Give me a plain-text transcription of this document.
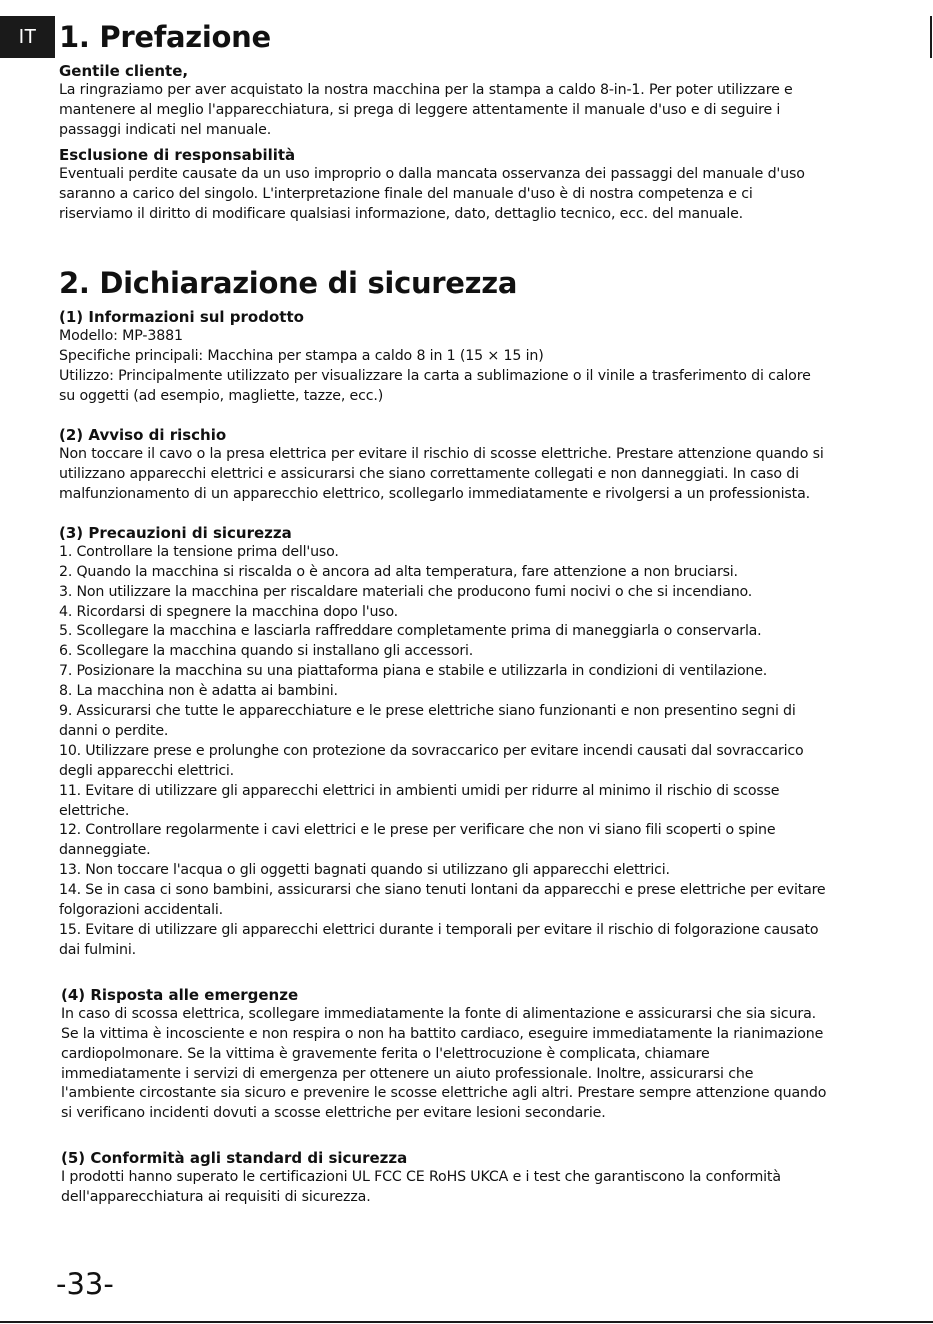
IT 1. Prefazione
Gentile cliente,

La ringraziamo per aver acquistato la nostra macchina per la stampa a caldo 8-in-1. Per poter utilizzare e mantenere al meglio l'apparecchiatura, si prega di leggere attentamente il manuale d'uso e di seguire i passaggi indicati nel manuale.

Esclusione di responsabilità

Eventuali perdite causate da un uso improprio o dalla mancata osservanza dei passaggi del manuale d'uso saranno a carico del singolo. L'interpretazione finale del manuale d'uso è di nostra competenza e ci riserviamo il diritto di modificare qualsiasi informazione, dato, dettaglio tecnico, ecc. del manuale.

2. Dichiarazione di sicurezza
(1) Informazioni sul prodotto

Modello: MP-3881

Specifiche principali: Macchina per stampa a caldo 8 in 1 (15 × 15 in)

Utilizzo: Principalmente utilizzato per visualizzare la carta a sublimazione o il vinile a trasferimento di calore su oggetti (ad esempio, magliette, tazze, ecc.)

(2) Avviso di rischio

Non toccare il cavo o la presa elettrica per evitare il rischio di scosse elettriche. Prestare attenzione quando si utilizzano apparecchi elettrici e assicurarsi che siano correttamente collegati e non danneggiati. In caso di malfunzionamento di un apparecchio elettrico, scollegarlo immediatamente e rivolgersi a un professionista.

(3) Precauzioni di sicurezza
1. Controllare la tensione prima dell'uso.
2. Quando la macchina si riscalda o è ancora ad alta temperatura, fare attenzione a non bruciarsi.
3. Non utilizzare la macchina per riscaldare materiali che producono fumi nocivi o che si incendiano.
4. Ricordarsi di spegnere la macchina dopo l'uso.
5. Scollegare la macchina e lasciarla raffreddare completamente prima di maneggiarla o conservarla.
6. Scollegare la macchina quando si installano gli accessori.
7. Posizionare la macchina su una piattaforma piana e stabile e utilizzarla in condizioni di ventilazione.
8. La macchina non è adatta ai bambini.
9. Assicurarsi che tutte le apparecchiature e le prese elettriche siano funzionanti e non presentino segni di danni o perdite.
10. Utilizzare prese e prolunghe con protezione da sovraccarico per evitare incendi causati dal sovraccarico degli apparecchi elettrici.
11. Evitare di utilizzare gli apparecchi elettrici in ambienti umidi per ridurre al minimo il rischio di scosse elettriche.
12. Controllare regolarmente i cavi elettrici e le prese per verificare che non vi siano fili scoperti o spine danneggiate.
13. Non toccare l'acqua o gli oggetti bagnati quando si utilizzano gli apparecchi elettrici.
14. Se in casa ci sono bambini, assicurarsi che siano tenuti lontani da apparecchi e prese elettriche per evitare folgorazioni accidentali.
15. Evitare di utilizzare gli apparecchi elettrici durante i temporali per evitare il rischio di folgorazione causato dai fulmini.
(4) Risposta alle emergenze

In caso di scossa elettrica, scollegare immediatamente la fonte di alimentazione e assicurarsi che sia sicura. Se la vittima è incosciente e non respira o non ha battito cardiaco, eseguire immediatamente la rianimazione cardiopolmonare. Se la vittima è gravemente ferita o l'elettrocuzione è complicata, chiamare immediatamente i servizi di emergenza per ottenere un aiuto professionale. Inoltre, assicurarsi che l'ambiente circostante sia sicuro e prevenire le scosse elettriche agli altri. Prestare sempre attenzione quando si verificano incidenti dovuti a scosse elettriche per evitare lesioni secondarie.

(5) Conformità agli standard di sicurezza

I prodotti hanno superato le certificazioni UL FCC CE RoHS UKCA e i test che garantiscono la conformità dell'apparecchiatura ai requisiti di sicurezza.

-33-
